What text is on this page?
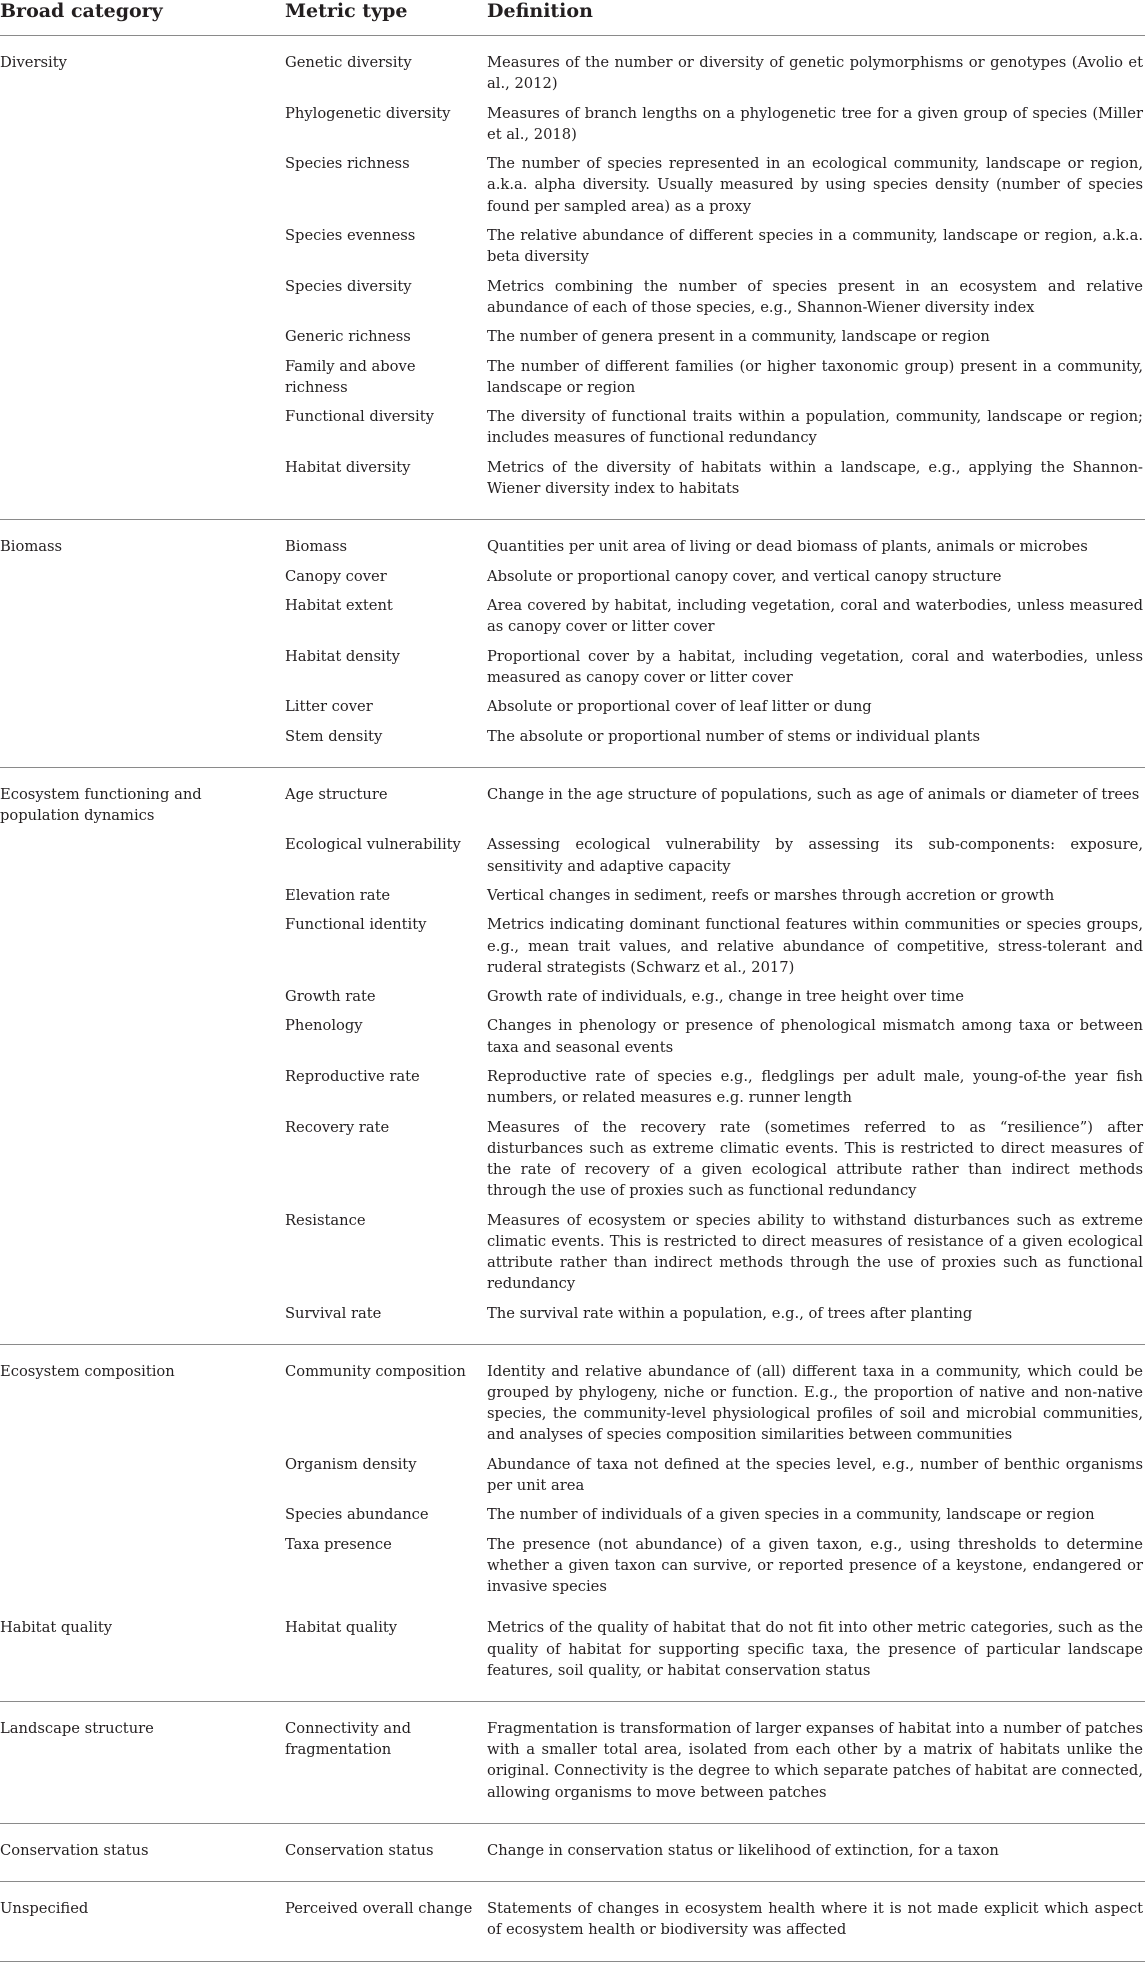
Broad category	Metric type	Definition
Diversity	Genetic diversity	Measures of the number or diversity of genetic polymorphisms or genotypes (Avolio et al., 2012)
	Phylogenetic diversity	Measures of branch lengths on a phylogenetic tree for a given group of species (Miller et al., 2018)
	Species richness	The number of species represented in an ecological community, landscape or region, a.k.a. alpha diversity. Usually measured by using species density (number of species found per sampled area) as a proxy
	Species evenness	The relative abundance of different species in a community, landscape or region, a.k.a. beta diversity
	Species diversity	Metrics combining the number of species present in an ecosystem and relative abundance of each of those species, e.g., Shannon-Wiener diversity index
	Generic richness	The number of genera present in a community, landscape or region
	Family and above richness	The number of different families (or higher taxonomic group) present in a community, landscape or region
	Functional diversity	The diversity of functional traits within a population, community, landscape or region; includes measures of functional redundancy
	Habitat diversity	Metrics of the diversity of habitats within a landscape, e.g., applying the Shannon-Wiener diversity index to habitats
Biomass	Biomass	Quantities per unit area of living or dead biomass of plants, animals or microbes
	Canopy cover	Absolute or proportional canopy cover, and vertical canopy structure
	Habitat extent	Area covered by habitat, including vegetation, coral and waterbodies, unless measured as canopy cover or litter cover
	Habitat density	Proportional cover by a habitat, including vegetation, coral and waterbodies, unless measured as canopy cover or litter cover
	Litter cover	Absolute or proportional cover of leaf litter or dung
	Stem density	The absolute or proportional number of stems or individual plants
Ecosystem functioning and population dynamics	Age structure	Change in the age structure of populations, such as age of animals or diameter of trees
	Ecological vulnerability	Assessing ecological vulnerability by assessing its sub-components: exposure, sensitivity and adaptive capacity
	Elevation rate	Vertical changes in sediment, reefs or marshes through accretion or growth
	Functional identity	Metrics indicating dominant functional features within communities or species groups, e.g., mean trait values, and relative abundance of competitive, stress-tolerant and ruderal strategists (Schwarz et al., 2017)
	Growth rate	Growth rate of individuals, e.g., change in tree height over time
	Phenology	Changes in phenology or presence of phenological mismatch among taxa or between taxa and seasonal events
	Reproductive rate	Reproductive rate of species e.g., fledglings per adult male, young-of-the year fish numbers, or related measures e.g. runner length
	Recovery rate	Measures of the recovery rate (sometimes referred to as “resilience”) after disturbances such as extreme climatic events. This is restricted to direct measures of the rate of recovery of a given ecological attribute rather than indirect methods through the use of proxies such as functional redundancy
	Resistance	Measures of ecosystem or species ability to withstand disturbances such as extreme climatic events. This is restricted to direct measures of resistance of a given ecological attribute rather than indirect methods through the use of proxies such as functional redundancy
	Survival rate	The survival rate within a population, e.g., of trees after planting
Ecosystem composition	Community composition	Identity and relative abundance of (all) different taxa in a community, which could be grouped by phylogeny, niche or function. E.g., the proportion of native and non-native species, the community-level physiological profiles of soil and microbial communities, and analyses of species composition similarities between communities
	Organism density	Abundance of taxa not defined at the species level, e.g., number of benthic organisms per unit area
	Species abundance	The number of individuals of a given species in a community, landscape or region
	Taxa presence	The presence (not abundance) of a given taxon, e.g., using thresholds to determine whether a given taxon can survive, or reported presence of a keystone, endangered or invasive species
Habitat quality	Habitat quality	Metrics of the quality of habitat that do not fit into other metric categories, such as the quality of habitat for supporting specific taxa, the presence of particular landscape features, soil quality, or habitat conservation status
Landscape structure	Connectivity and fragmentation	Fragmentation is transformation of larger expanses of habitat into a number of patches with a smaller total area, isolated from each other by a matrix of habitats unlike the original. Connectivity is the degree to which separate patches of habitat are connected, allowing organisms to move between patches
Conservation status	Conservation status	Change in conservation status or likelihood of extinction, for a taxon
Unspecified	Perceived overall change	Statements of changes in ecosystem health where it is not made explicit which aspect of ecosystem health or biodiversity was affected
